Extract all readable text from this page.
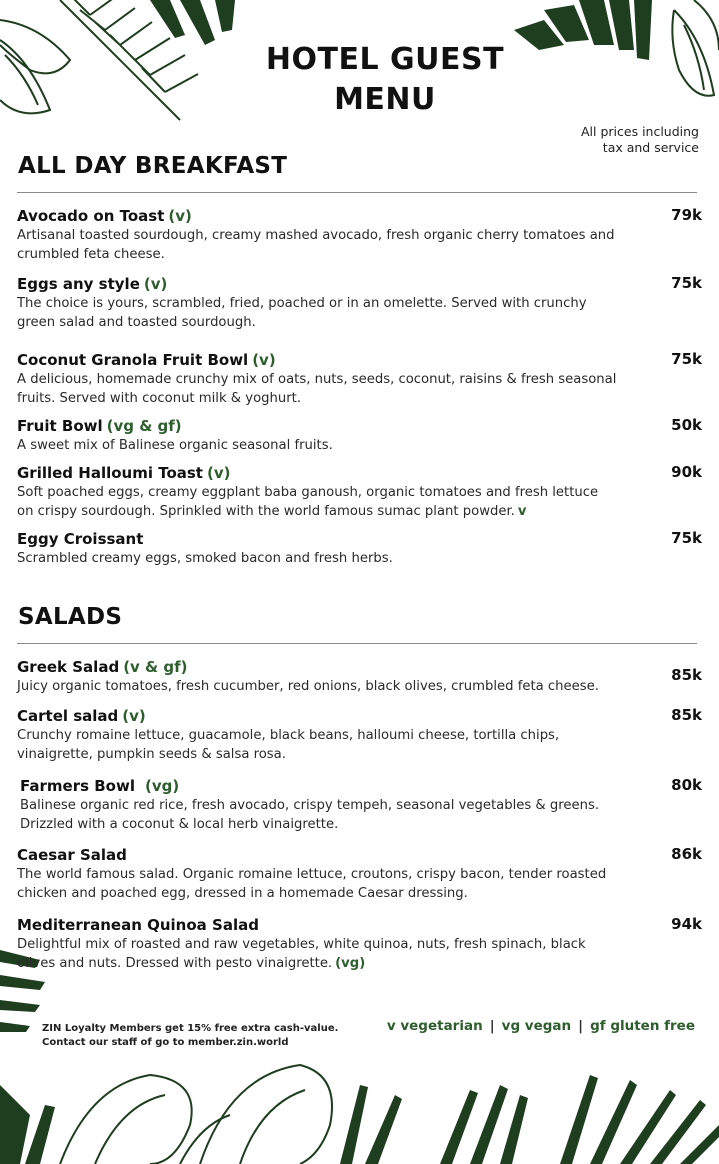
HOTEL GUEST
MENU
All prices including
tax and service
ALL DAY BREAKFAST
Avocado on Toast (v)
Artisanal toasted sourdough, creamy mashed avocado, fresh organic cherry tomatoes and crumbled feta cheese.
79k
Eggs any style (v)
The choice is yours, scrambled, fried, poached or in an omelette. Served with crunchy green salad and toasted sourdough.
75k
Coconut Granola Fruit Bowl (v)
A delicious, homemade crunchy mix of oats, nuts, seeds, coconut, raisins & fresh seasonal fruits. Served with coconut milk & yoghurt.
75k
Fruit Bowl (vg & gf)
A sweet mix of Balinese organic seasonal fruits.
50k
Grilled Halloumi Toast (v)
Soft poached eggs, creamy eggplant baba ganoush, organic tomatoes and fresh lettuce on crispy sourdough. Sprinkled with the world famous sumac plant powder. v
90k
Eggy Croissant
Scrambled creamy eggs, smoked bacon and fresh herbs.
75k
SALADS
Greek Salad (v & gf)
Juicy organic tomatoes, fresh cucumber, red onions, black olives, crumbled feta cheese.
85k
Cartel salad (v)
Crunchy romaine lettuce, guacamole, black beans, halloumi cheese, tortilla chips, vinaigrette, pumpkin seeds & salsa rosa.
85k
Farmers Bowl (vg)
Balinese organic red rice, fresh avocado, crispy tempeh, seasonal vegetables & greens. Drizzled with a coconut & local herb vinaigrette.
80k
Caesar Salad
The world famous salad. Organic romaine lettuce, croutons, crispy bacon, tender roasted chicken and poached egg, dressed in a homemade Caesar dressing.
86k
Mediterranean Quinoa Salad
Delightful mix of roasted and raw vegetables, white quinoa, nuts, fresh spinach, black olives and nuts. Dressed with pesto vinaigrette. (vg)
94k
ZIN Loyalty Members get 15% free extra cash-value.
Contact our staff of go to member.zin.world
v vegetarian | vg vegan | gf gluten free
